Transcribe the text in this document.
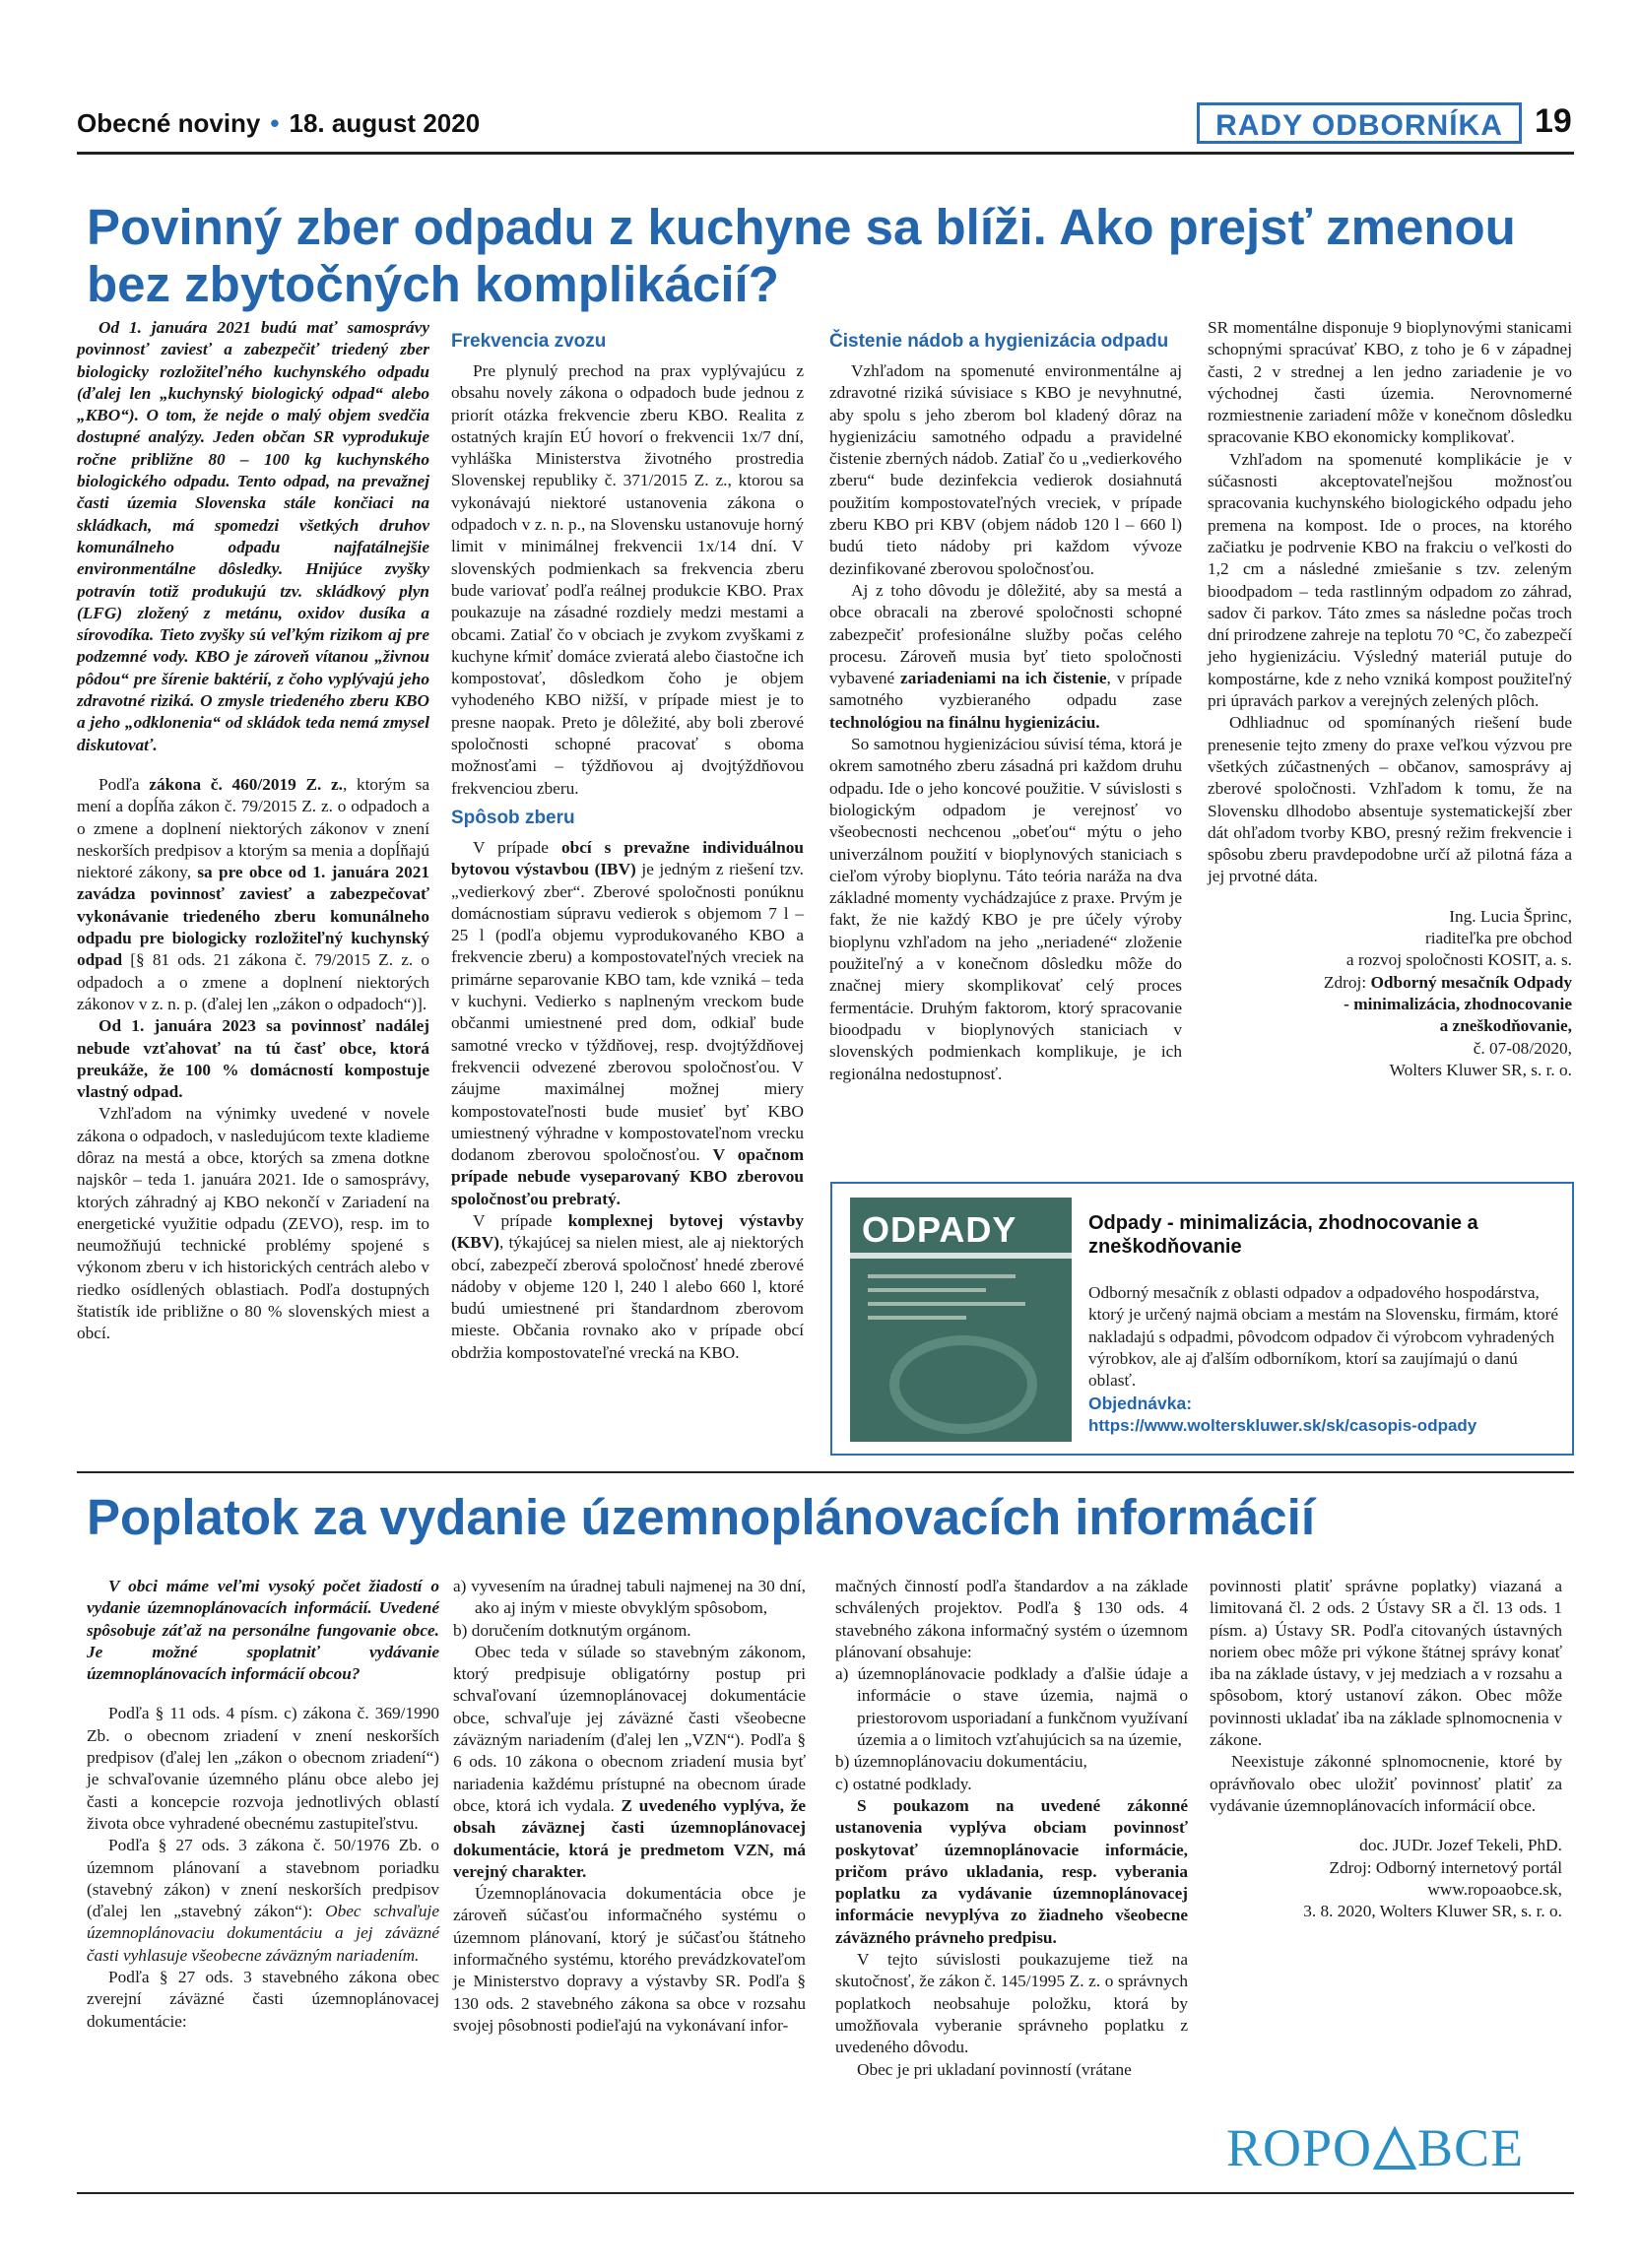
Obecné noviny • 18. august 2020	RADY ODBORNÍKA 19
Povinný zber odpadu z kuchyne sa blíži. Ako prejsť zmenou bez zbytočných komplikácií?

Od 1. januára 2021 budú mať samosprávy povinnosť zaviesť a zabezpečiť triedený zber biologicky rozložiteľného kuchynského odpadu (ďalej len „kuchynský biologický odpad“ alebo „KBO“). O tom, že nejde o malý objem svedčia dostupné analýzy. Jeden občan SR vyprodukuje ročne približne 80 – 100 kg kuchynského biologického odpadu. Tento odpad, na prevažnej časti územia Slovenska stále končiaci na skládkach, má spomedzi všetkých druhov komunálneho odpadu najfatálnejšie environmentálne dôsledky. Hnijúce zvyšky potravín totiž produkujú tzv. skládkový plyn (LFG) zložený z metánu, oxidov dusíka a sírovodíka. Tieto zvyšky sú veľkým rizikom aj pre podzemné vody. KBO je zároveň vítanou „živnou pôdou“ pre šírenie baktérií, z čoho vyplývajú jeho zdravotné riziká. O zmysle triedeného zberu KBO a jeho „odklonenia“ od skládok teda nemá zmysel diskutovať.

Podľa zákona č. 460/2019 Z. z., ktorým sa mení a dopĺňa zákon č. 79/2015 Z. z. o odpadoch a o zmene a doplnení niektorých zákonov v znení neskorších predpisov a ktorým sa menia a dopĺňajú niektoré zákony, sa pre obce od 1. januára 2021 zavádza povinnosť zaviesť a zabezpečovať vykonávanie triedeného zberu komunálneho odpadu pre biologicky rozložiteľný kuchynský odpad [§ 81 ods. 21 zákona č. 79/2015 Z. z. o odpadoch a o zmene a doplnení niektorých zákonov v z. n. p. (ďalej len „zákon o odpadoch“)].

Od 1. januára 2023 sa povinnosť nadálej nebude vzťahovať na tú časť obce, ktorá preukáže, že 100 % domácností kompostuje vlastný odpad.

Vzhľadom na výnimky uvedené v novele zákona o odpadoch, v nasledujúcom texte kladieme dôraz na mestá a obce, ktorých sa zmena dotkne najskôr – teda 1. januára 2021. Ide o samosprávy, ktorých záhradný aj KBO nekončí v Zariadení na energetické využitie odpadu (ZEVO), resp. im to neumožňujú technické problémy spojené s výkonom zberu v ich historických centrách alebo v riedko osídlených oblastiach. Podľa dostupných štatistík ide približne o 80 % slovenských miest a obcí.

Frekvencia zvozu

Pre plynulý prechod na prax vyplývajúcu z obsahu novely zákona o odpadoch bude jednou z priorít otázka frekvencie zberu KBO. Realita z ostatných krajín EÚ hovorí o frekvencii 1x/7 dní, vyhláška Ministerstva životného prostredia Slovenskej republiky č. 371/2015 Z. z., ktorou sa vykonávajú niektoré ustanovenia zákona o odpadoch v z. n. p., na Slovensku ustanovuje horný limit v minimálnej frekvencii 1x/14 dní. V slovenských podmienkach sa frekvencia zberu bude variovať podľa reálnej produkcie KBO. Prax poukazuje na zásadné rozdiely medzi mestami a obcami. Zatiaľ čo v obciach je zvykom zvyškami z kuchyne kŕmiť domáce zvieratá alebo čiastočne ich kompostovať, dôsledkom čoho je objem vyhodeného KBO nižší, v prípade miest je to presne naopak. Preto je dôležité, aby boli zberové spoločnosti schopné pracovať s oboma možnosťami – týždňovou aj dvojtýždňovou frekvenciou zberu.

Spôsob zberu

V prípade obcí s prevažne individuálnou bytovou výstavbou (IBV) je jedným z riešení tzv. „vedierkový zber“. Zberové spoločnosti ponúknu domácnostiam súpravu vedierok s objemom 7 l – 25 l (podľa objemu vyprodukovaného KBO a frekvencie zberu) a kompostovateľných vreciek na primárne separovanie KBO tam, kde vzniká – teda v kuchyni. Vedierko s naplneným vreckom bude občanmi umiestnené pred dom, odkiaľ bude samotné vrecko v týždňovej, resp. dvojtýždňovej frekvencii odvezené zberovou spoločnosťou. V záujme maximálnej možnej miery kompostovateľnosti bude musieť byť KBO umiestnený výhradne v kompostovateľnom vrecku dodanom zberovou spoločnosťou. V opačnom prípade nebude vyseparovaný KBO zberovou spoločnosťou prebratý.

V prípade komplexnej bytovej výstavby (KBV), týkajúcej sa nielen miest, ale aj niektorých obcí, zabezpečí zberová spoločnosť hnedé zberové nádoby v objeme 120 l, 240 l alebo 660 l, ktoré budú umiestnené pri štandardnom zberovom mieste. Občania rovnako ako v prípade obcí obdržia kompostovateľné vrecká na KBO.

Čistenie nádob a hygienizácia odpadu

Vzhľadom na spomenuté environmentálne aj zdravotné riziká súvisiace s KBO je nevyhnutné, aby spolu s jeho zberom bol kladený dôraz na hygienizáciu samotného odpadu a pravidelné čistenie zberných nádob. Zatiaľ čo u „vedierkového zberu“ bude dezinfekcia vedierok dosiahnutá použitím kompostovateľných vreciek, v prípade zberu KBO pri KBV (objem nádob 120 l – 660 l) budú tieto nádoby pri každom vývoze dezinfikované zberovou spoločnosťou.

Aj z toho dôvodu je dôležité, aby sa mestá a obce obracali na zberové spoločnosti schopné zabezpečiť profesionálne služby počas celého procesu. Zároveň musia byť tieto spoločnosti vybavené zariadeniami na ich čistenie, v prípade samotného vyzbieraného odpadu zase technológiou na finálnu hygienizáciu.

So samotnou hygienizáciou súvisí téma, ktorá je okrem samotného zberu zásadná pri každom druhu odpadu. Ide o jeho koncové použitie. V súvislosti s biologickým odpadom je verejnosť vo všeobecnosti nechcenou „obeťou“ mýtu o jeho univerzálnom použití v bioplynových staniciach s cieľom výroby bioplynu. Táto teória naráža na dva základné momenty vychádzajúce z praxe. Prvým je fakt, že nie každý KBO je pre účely výroby bioplynu vzhľadom na jeho „neriadené“ zloženie použiteľný a v konečnom dôsledku môže do značnej miery skomplikovať celý proces fermentácie. Druhým faktorom, ktorý spracovanie bioodpadu v bioplynových staniciach v slovenských podmienkach komplikuje, je ich regionálna nedostupnosť.

SR momentálne disponuje 9 bioplynovými stanicami schopnými spracúvať KBO, z toho je 6 v západnej časti, 2 v strednej a len jedno zariadenie je vo východnej časti územia. Nerovnomerné rozmiestnenie zariadení môže v konečnom dôsledku spracovanie KBO ekonomicky komplikovať.

Vzhľadom na spomenuté komplikácie je v súčasnosti akceptovateľnejšou možnosťou spracovania kuchynského biologického odpadu jeho premena na kompost. Ide o proces, na ktorého začiatku je podrvenie KBO na frakciu o veľkosti do 1,2 cm a následné zmiešanie s tzv. zeleným bioodpadom – teda rastlinným odpadom zo záhrad, sadov či parkov. Táto zmes sa následne počas troch dní prirodzene zahreje na teplotu 70 °C, čo zabezpečí jeho hygienizáciu. Výsledný materiál putuje do kompostárne, kde z neho vzniká kompost použiteľný pri úpravách parkov a verejných zelených plôch.

Odhliadnuc od spomínaných riešení bude prenesenie tejto zmeny do praxe veľkou výzvou pre všetkých zúčastnených – občanov, samosprávy aj zberové spoločnosti. Vzhľadom k tomu, že na Slovensku dlhodobo absentuje systematickejší zber dát ohľadom tvorby KBO, presný režim frekvencie i spôsobu zberu pravdepodobne určí až pilotná fáza a jej prvotné dáta.

Ing. Lucia Šprinc,

riaditeľka pre obchod

a rozvoj spoločnosti KOSIT, a. s.

Zdroj: Odborný mesačník Odpady

- minimalizácia, zhodnocovanie

a zneškodňovanie,

č. 07-08/2020,

Wolters Kluwer SR, s. r. o.

ODPADY	Odpady - minimalizácia, zhodnocovanie a zneškodňovanie
Odborný mesačník z oblasti odpadov a odpadového hospodárstva, ktorý je určený najmä obciam a mestám na Slovensku, firmám, ktoré nakladajú s odpadmi, pôvodcom odpadov či výrobcom vyhradených výrobkov, ale aj ďalším odborníkom, ktorí sa zaujímajú o danú oblasť.
Objednávka:
https://www.wolterskluwer.sk/sk/casopis-odpady
Poplatok za vydanie územnoplánovacích informácií

V obci máme veľmi vysoký počet žiadostí o vydanie územnoplánovacích informácií. Uvedené spôsobuje záťaž na personálne fungovanie obce. Je možné spoplatniť vydávanie územnoplánovacích informácií obcou?

Podľa § 11 ods. 4 písm. c) zákona č. 369/1990 Zb. o obecnom zriadení v znení neskorších predpisov (ďalej len „zákon o obecnom zriadení“) je schvaľovanie územného plánu obce alebo jej časti a koncepcie rozvoja jednotlivých oblastí života obce vyhradené obecnému zastupiteľstvu.

Podľa § 27 ods. 3 zákona č. 50/1976 Zb. o územnom plánovaní a stavebnom poriadku (stavebný zákon) v znení neskorších predpisov (ďalej len „stavebný zákon“): Obec schvaľuje územnoplánovaciu dokumentáciu a jej záväzné časti vyhlasuje všeobecne záväzným nariadením.

Podľa § 27 ods. 3 stavebného zákona obec zverejní záväzné časti územnoplánovacej dokumentácie:

a) vyvesením na úradnej tabuli najmenej na 30 dní, ako aj iným v mieste obvyklým spôsobom,
b) doručením dotknutým orgánom.

Obec teda v súlade so stavebným zákonom, ktorý predpisuje obligatórny postup pri schvaľovaní územnoplánovacej dokumentácie obce, schvaľuje jej záväzné časti všeobecne záväzným nariadením (ďalej len „VZN“). Podľa § 6 ods. 10 zákona o obecnom zriadení musia byť nariadenia každému prístupné na obecnom úrade obce, ktorá ich vydala. Z uvedeného vyplýva, že obsah záväznej časti územnoplánovacej dokumentácie, ktorá je predmetom VZN, má verejný charakter.

Územnoplánovacia dokumentácia obce je zároveň súčasťou informačného systému o územnom plánovaní, ktorý je súčasťou štátneho informačného systému, ktorého prevádzkovateľom je Ministerstvo dopravy a výstavby SR. Podľa § 130 ods. 2 stavebného zákona sa obce v rozsahu svojej pôsobnosti podieľajú na vykonávaní infor-

mačných činností podľa štandardov a na základe schválených projektov. Podľa § 130 ods. 4 stavebného zákona informačný systém o územnom plánovaní obsahuje:

a) územnoplánovacie podklady a ďalšie údaje a informácie o stave územia, najmä o priestorovom usporiadaní a funkčnom využívaní územia a o limitoch vzťahujúcich sa na územie,
b) územnoplánovaciu dokumentáciu,
c) ostatné podklady.

S poukazom na uvedené zákonné ustanovenia vyplýva obciam povinnosť poskytovať územnoplánovacie informácie, pričom právo ukladania, resp. vyberania poplatku za vydávanie územnoplánovacej informácie nevyplýva zo žiadneho všeobecne záväzného právneho predpisu.

V tejto súvislosti poukazujeme tiež na skutočnosť, že zákon č. 145/1995 Z. z. o správnych poplatkoch neobsahuje položku, ktorá by umožňovala vyberanie správneho poplatku z uvedeného dôvodu.

Obec je pri ukladaní povinností (vrátane

povinnosti platiť správne poplatky) viazaná a limitovaná čl. 2 ods. 2 Ústavy SR a čl. 13 ods. 1 písm. a) Ústavy SR. Podľa citovaných ústavných noriem obec môže pri výkone štátnej správy konať iba na základe ústavy, v jej medziach a v rozsahu a spôsobom, ktorý ustanoví zákon. Obec môže povinnosti ukladať iba na základe splnomocnenia v zákone.

Neexistuje zákonné splnomocnenie, ktoré by oprávňovalo obec uložiť povinnosť platiť za vydávanie územnoplánovacích informácií obce.

doc. JUDr. Jozef Tekeli, PhD.

Zdroj: Odborný internetový portál

www.ropoaobce.sk,

3. 8. 2020, Wolters Kluwer SR, s. r. o.

ROPO BCE
